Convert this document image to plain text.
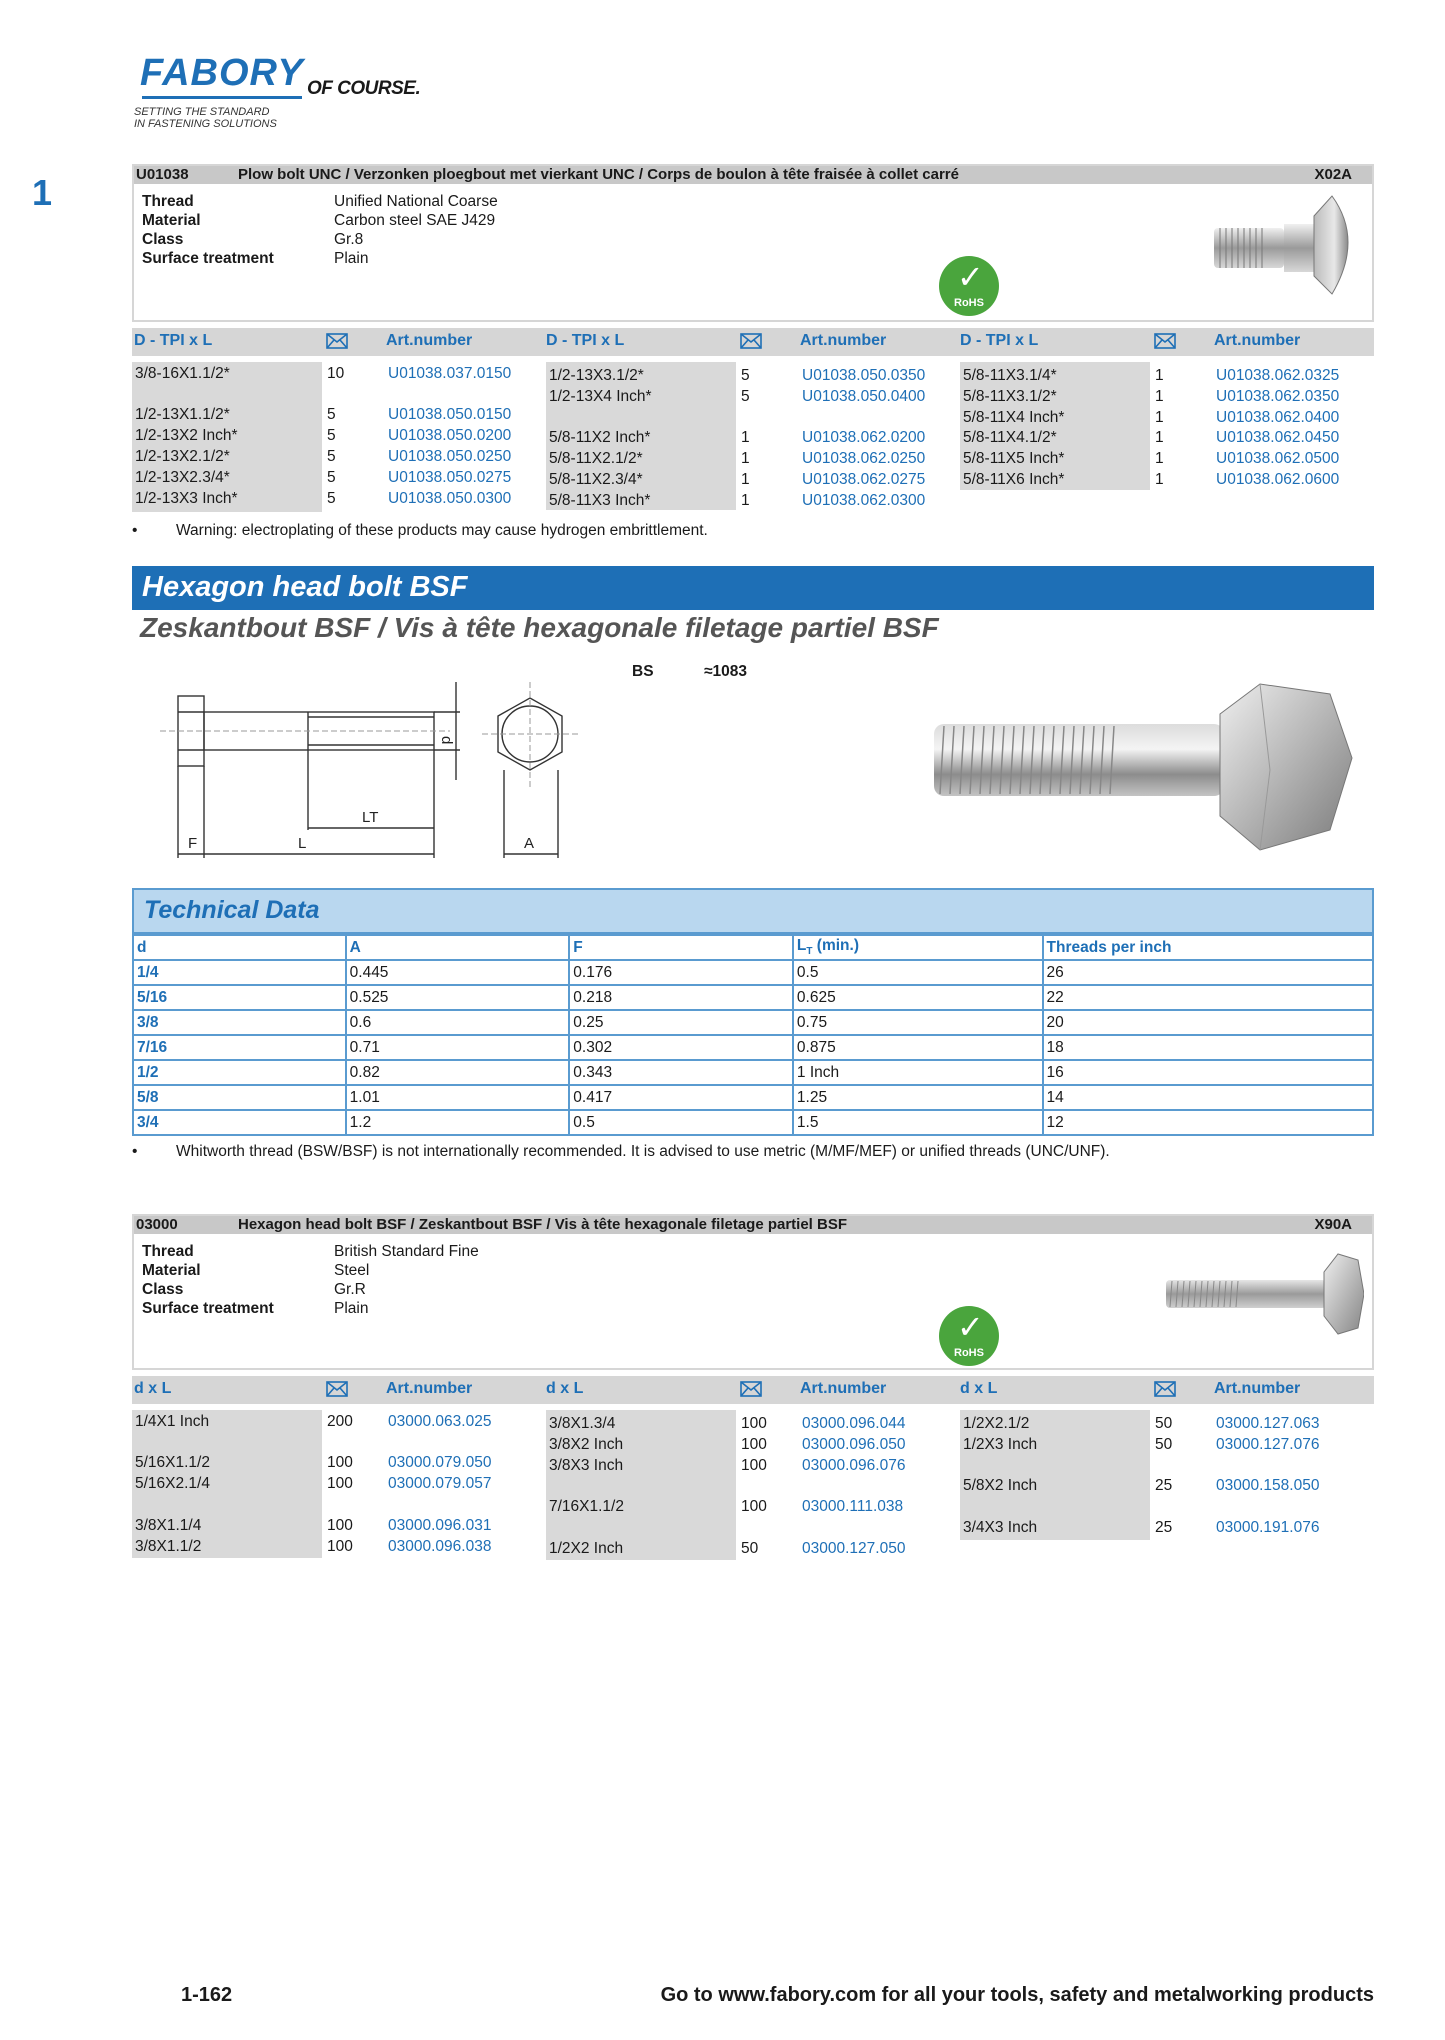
FABORY OF COURSE.
SETTING THE STANDARD
IN FASTENING SOLUTIONS
1	U01038	Plow bolt UNC / Verzonken ploegbout met vierkant UNC / Corps de boulon à tête fraisée à collet carré	X02A
Thread	Unified National Coarse
Material	Carbon steel SAE J429
Class	Gr.8
Surface treatment	Plain
✓
RoHS
D - TPI x L	Art.number	D - TPI x L	Art.number	D - TPI x L	Art.number
3/8-16X1.1/2*	10	U01038.037.0150
1/2-13X1.1/2*	5	U01038.050.0150
1/2-13X2 Inch*	5	U01038.050.0200
1/2-13X2.1/2*	5	U01038.050.0250
1/2-13X2.3/4*	5	U01038.050.0275
1/2-13X3 Inch*	5	U01038.050.0300
1/2-13X3.1/2*	5	U01038.050.0350
1/2-13X4 Inch*	5	U01038.050.0400
5/8-11X2 Inch*	1	U01038.062.0200
5/8-11X2.1/2*	1	U01038.062.0250
5/8-11X2.3/4*	1	U01038.062.0275
5/8-11X3 Inch*	1	U01038.062.0300
5/8-11X3.1/4*	1	U01038.062.0325
5/8-11X3.1/2*	1	U01038.062.0350
5/8-11X4 Inch*	1	U01038.062.0400
5/8-11X4.1/2*	1	U01038.062.0450
5/8-11X5 Inch*	1	U01038.062.0500
5/8-11X6 Inch*	1	U01038.062.0600
• Warning: electroplating of these products may cause hydrogen embrittlement.
Hexagon head bolt BSF
Zeskantbout BSF / Vis à tête hexagonale filetage partiel BSF
BS	≈1083
F	L
LT
d
A
Technical Data
d	A	F	$L_T$ (min.)	Threads per inch
1/4	0.445	0.176	0.5	26
5/16	0.525	0.218	0.625	22
3/8	0.6	0.25	0.75	20
7/16	0.71	0.302	0.875	18
1/2	0.82	0.343	1 Inch	16
5/8	1.01	0.417	1.25	14
3/4	1.2	0.5	1.5	12
• Whitworth thread (BSW/BSF) is not internationally recommended. It is advised to use metric (M/MF/MEF) or unified threads (UNC/UNF).
03000	Hexagon head bolt BSF / Zeskantbout BSF / Vis à tête hexagonale filetage partiel BSF	X90A
Thread	British Standard Fine
Material	Steel
Class	Gr.R
Surface treatment	Plain
✓
RoHS
d x L	Art.number	d x L	Art.number	d x L	Art.number
1/4X1 Inch	200 03000.063.025
5/16X1.1/2	100 03000.079.050
5/16X2.1/4	100 03000.079.057
3/8X1.1/4	100 03000.096.031
3/8X1.1/2	100 03000.096.038
3/8X1.3/4	100 03000.096.044
3/8X2 Inch	100 03000.096.050
3/8X3 Inch	100 03000.096.076
7/16X1.1/2	100 03000.111.038
1/2X2 Inch	50	03000.127.050
1/2X2.1/2	50	03000.127.063
1/2X3 Inch	50	03000.127.076
5/8X2 Inch	25	03000.158.050
3/4X3 Inch	25	03000.191.076
1-162	Go to www.fabory.com for all your tools, safety and metalworking products
